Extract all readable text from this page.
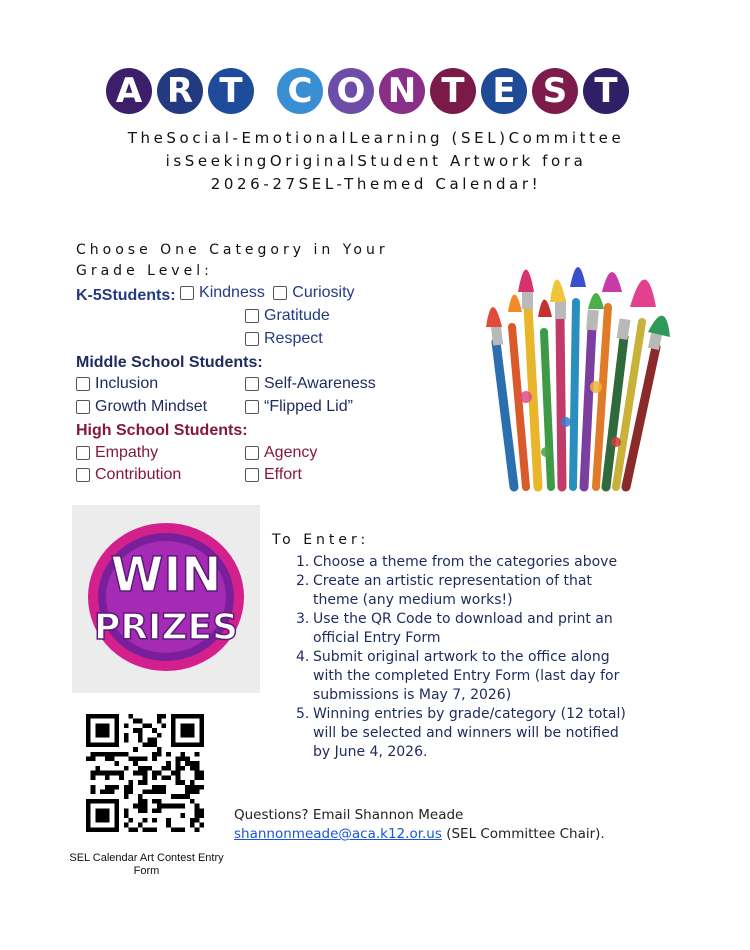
A R T C O N T E S T
TheSocial-EmotionalLearning (SEL)Committee
isSeekingOriginalStudent Artwork fora
2026-27SEL-Themed Calendar!
Choose One Category in Your
Grade Level:
K-5Students: Kindness
Curiosity
Gratitude
Respect
Middle School Students:
Inclusion	Self-Awareness
Growth Mindset	“Flipped Lid”
High School Students:
Empathy	Agency
Contribution	Effort
WIN
PRIZES
To Enter:
1. Choose a theme from the categories above
2. Create an artistic representation of that
theme (any medium works!)
3. Use the QR Code to download and print an
official Entry Form
4. Submit original artwork to the office along
with the completed Entry Form (last day for
submissions is May 7, 2026)
5. Winning entries by grade/category (12 total)
will be selected and winners will be notified
by June 4, 2026.
SEL Calendar Art Contest Entry
Form
Questions? Email Shannon Meade
shannonmeade@aca.k12.or.us (SEL Committee Chair).
